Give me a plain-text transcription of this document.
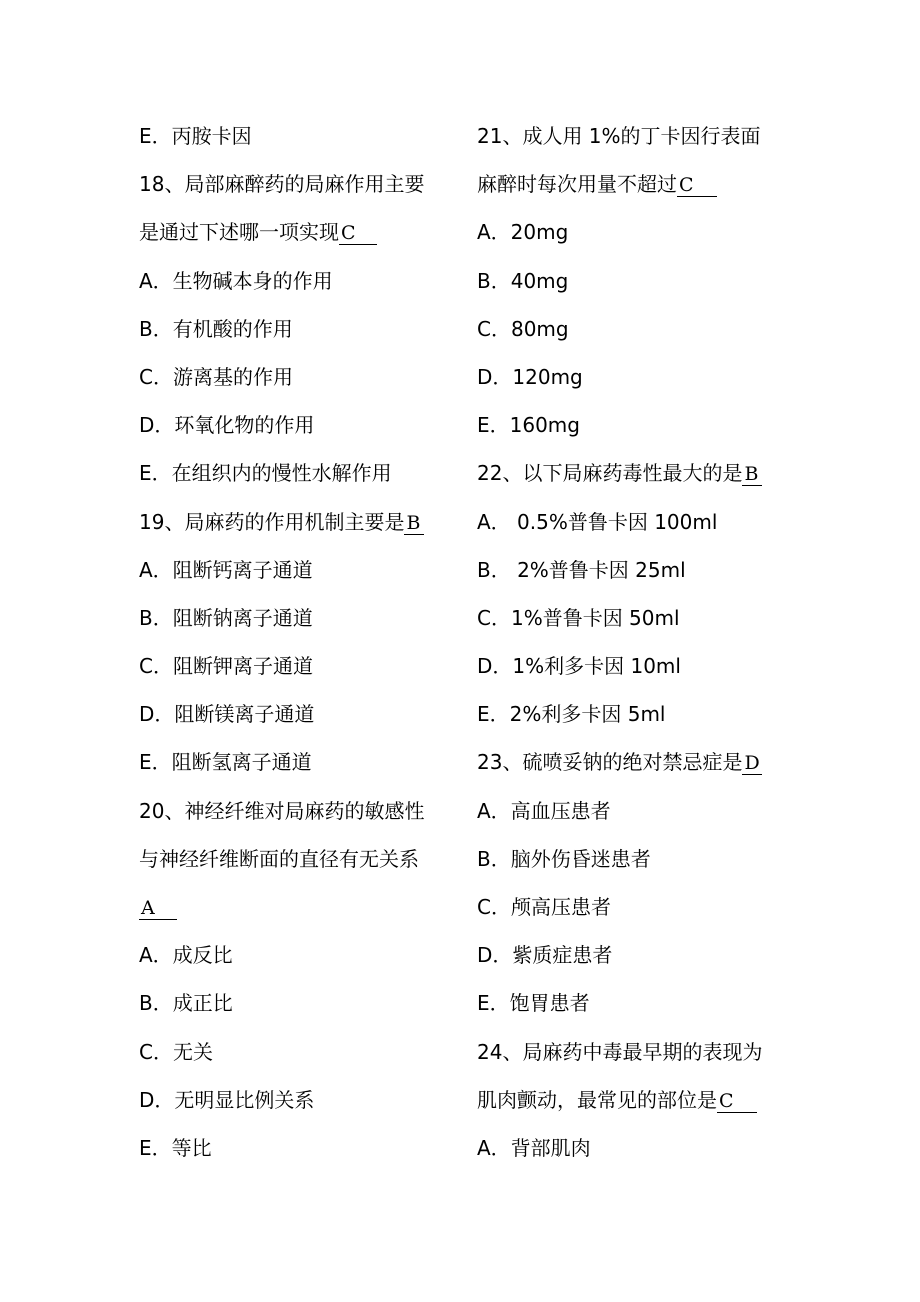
E．丙胺卡因
18、局部麻醉药的局麻作用主要
是通过下述哪一项实现 C
A．生物碱本身的作用
B．有机酸的作用
C．游离基的作用
D．环氧化物的作用
E．在组织内的慢性水解作用
19、局麻药的作用机制主要是 B
A．阻断钙离子通道
B．阻断钠离子通道
C．阻断钾离子通道
D．阻断镁离子通道
E．阻断氢离子通道
20、神经纤维对局麻药的敏感性
与神经纤维断面的直径有无关系
A
A．成反比
B．成正比
C．无关
D．无明显比例关系
E．等比
21、成人用 1%的丁卡因行表面
麻醉时每次用量不超过 C
A．20mg
B．40mg
C．80mg
D．120mg
E．160mg
22、以下局麻药毒性最大的是 B
A． 0.5%普鲁卡因 100ml
B． 2%普鲁卡因 25ml
C．1%普鲁卡因 50ml
D．1%利多卡因 10ml
E．2%利多卡因 5ml
23、硫喷妥钠的绝对禁忌症是 D
A．高血压患者
B．脑外伤昏迷患者
C．颅高压患者
D．紫质症患者
E．饱胃患者
24、局麻药中毒最早期的表现为
肌肉颤动，最常见的部位是 C
A．背部肌肉
